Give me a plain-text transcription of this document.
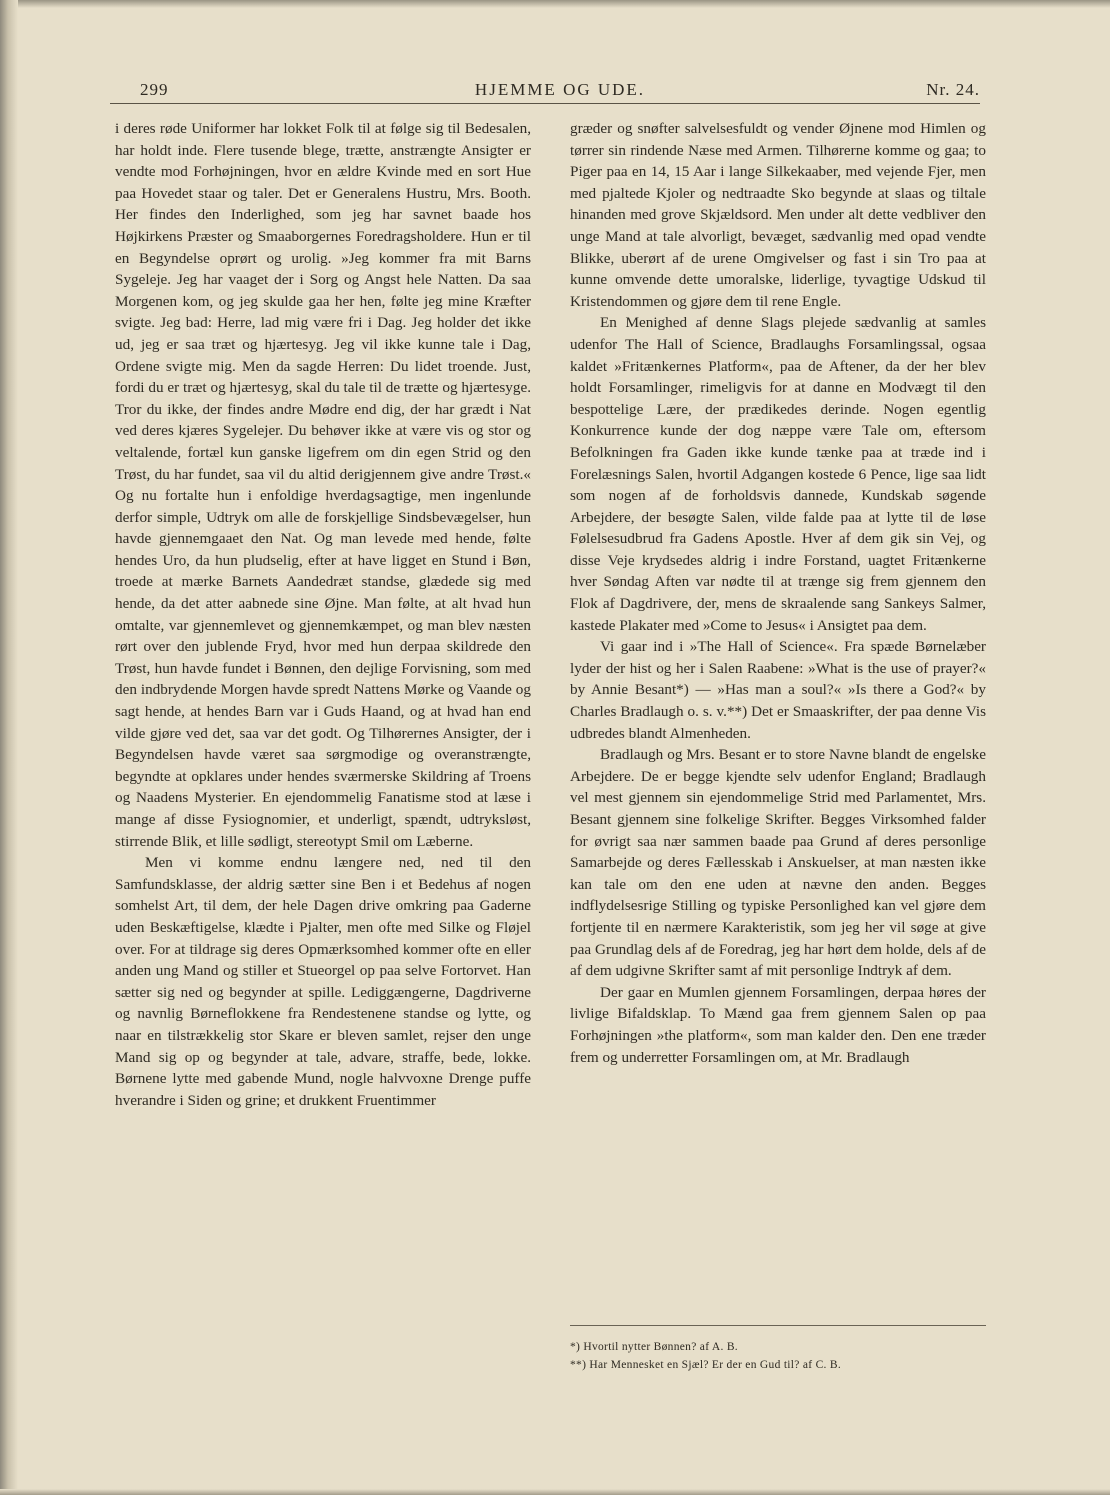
299	HJEMME OG UDE.	Nr. 24.

i deres røde Uniformer har lokket Folk til at følge sig til Bedesalen, har holdt inde. Flere tusende blege, trætte, anstrængte Ansigter er vendte mod Forhøjningen, hvor en ældre Kvinde med en sort Hue paa Hovedet staar og taler. Det er Generalens Hustru, Mrs. Booth. Her findes den Inderlighed, som jeg har savnet baade hos Højkirkens Præster og Smaaborgernes Foredragsholdere. Hun er til en Begyndelse oprørt og urolig. »Jeg kommer fra mit Barns Sygeleje. Jeg har vaaget der i Sorg og Angst hele Natten. Da saa Morgenen kom, og jeg skulde gaa her hen, følte jeg mine Kræfter svigte. Jeg bad: Herre, lad mig være fri i Dag. Jeg holder det ikke ud, jeg er saa træt og hjærtesyg. Jeg vil ikke kunne tale i Dag, Ordene svigte mig. Men da sagde Herren: Du lidet troende. Just, fordi du er træt og hjærtesyg, skal du tale til de trætte og hjærtesyge. Tror du ikke, der findes andre Mødre end dig, der har grædt i Nat ved deres kjæres Sygelejer. Du behøver ikke at være vis og stor og veltalende, fortæl kun ganske ligefrem om din egen Strid og den Trøst, du har fundet, saa vil du altid derigjennem give andre Trøst.« Og nu fortalte hun i enfoldige hverdagsagtige, men ingenlunde derfor simple, Udtryk om alle de forskjellige Sindsbevægelser, hun havde gjennemgaaet den Nat. Og man levede med hende, følte hendes Uro, da hun pludselig, efter at have ligget en Stund i Bøn, troede at mærke Barnets Aandedræt standse, glædede sig med hende, da det atter aabnede sine Øjne. Man følte, at alt hvad hun omtalte, var gjennemlevet og gjennemkæmpet, og man blev næsten rørt over den jublende Fryd, hvor med hun derpaa skildrede den Trøst, hun havde fundet i Bønnen, den dejlige Forvisning, som med den indbrydende Morgen havde spredt Nattens Mørke og Vaande og sagt hende, at hendes Barn var i Guds Haand, og at hvad han end vilde gjøre ved det, saa var det godt. Og Tilhørernes Ansigter, der i Begyndelsen havde været saa sørgmodige og overanstrængte, begyndte at opklares under hendes sværmerske Skildring af Troens og Naadens Mysterier. En ejendommelig Fanatisme stod at læse i mange af disse Fysiognomier, et underligt, spændt, udtryksløst, stirrende Blik, et lille sødligt, stereotypt Smil om Læberne.

Men vi komme endnu længere ned, ned til den Samfundsklasse, der aldrig sætter sine Ben i et Bedehus af nogen somhelst Art, til dem, der hele Dagen drive omkring paa Gaderne uden Beskæftigelse, klædte i Pjalter, men ofte med Silke og Fløjel over. For at tildrage sig deres Opmærksomhed kommer ofte en eller anden ung Mand og stiller et Stueorgel op paa selve Fortorvet. Han sætter sig ned og begynder at spille. Lediggængerne, Dagdriverne og navnlig Børneflokkene fra Rendestenene standse og lytte, og naar en tilstrækkelig stor Skare er bleven samlet, rejser den unge Mand sig op og begynder at tale, advare, straffe, bede, lokke. Børnene lytte med gabende Mund, nogle halvvoxne Drenge puffe hverandre i Siden og grine; et drukkent Fruentimmer

græder og snøfter salvelsesfuldt og vender Øjnene mod Himlen og tørrer sin rindende Næse med Armen. Tilhørerne komme og gaa; to Piger paa en 14, 15 Aar i lange Silkekaaber, med vejende Fjer, men med pjaltede Kjoler og nedtraadte Sko begynde at slaas og tiltale hinanden med grove Skjældsord. Men under alt dette vedbliver den unge Mand at tale alvorligt, bevæget, sædvanlig med opad vendte Blikke, uberørt af de urene Omgivelser og fast i sin Tro paa at kunne omvende dette umoralske, liderlige, tyvagtige Udskud til Kristendommen og gjøre dem til rene Engle.

En Menighed af denne Slags plejede sædvanlig at samles udenfor The Hall of Science, Bradlaughs Forsamlingssal, ogsaa kaldet »Fritænkernes Platform«, paa de Aftener, da der her blev holdt Forsamlinger, rimeligvis for at danne en Modvægt til den bespottelige Lære, der prædikedes derinde. Nogen egentlig Konkurrence kunde der dog næppe være Tale om, eftersom Befolkningen fra Gaden ikke kunde tænke paa at træde ind i Forelæsnings Salen, hvortil Adgangen kostede 6 Pence, lige saa lidt som nogen af de forholdsvis dannede, Kundskab søgende Arbejdere, der besøgte Salen, vilde falde paa at lytte til de løse Følelsesudbrud fra Gadens Apostle. Hver af dem gik sin Vej, og disse Veje krydsedes aldrig i indre Forstand, uagtet Fritænkerne hver Søndag Aften var nødte til at trænge sig frem gjennem den Flok af Dagdrivere, der, mens de skraalende sang Sankeys Salmer, kastede Plakater med »Come to Jesus« i Ansigtet paa dem.

Vi gaar ind i »The Hall of Science«. Fra spæde Børnelæber lyder der hist og her i Salen Raabene: »What is the use of prayer?« by Annie Besant*) — »Has man a soul?« »Is there a God?« by Charles Bradlaugh o. s. v.**) Det er Smaaskrifter, der paa denne Vis udbredes blandt Almenheden.

Bradlaugh og Mrs. Besant er to store Navne blandt de engelske Arbejdere. De er begge kjendte selv udenfor England; Bradlaugh vel mest gjennem sin ejendommelige Strid med Parlamentet, Mrs. Besant gjennem sine folkelige Skrifter. Begges Virksomhed falder for øvrigt saa nær sammen baade paa Grund af deres personlige Samarbejde og deres Fællesskab i Anskuelser, at man næsten ikke kan tale om den ene uden at nævne den anden. Begges indflydelsesrige Stilling og typiske Personlighed kan vel gjøre dem fortjente til en nærmere Karakteristik, som jeg her vil søge at give paa Grundlag dels af de Foredrag, jeg har hørt dem holde, dels af de af dem udgivne Skrifter samt af mit personlige Indtryk af dem.

Der gaar en Mumlen gjennem Forsamlingen, derpaa høres der livlige Bifaldsklap. To Mænd gaa frem gjennem Salen op paa Forhøjningen »the platform«, som man kalder den. Den ene træder frem og underretter Forsamlingen om, at Mr. Bradlaugh

*) Hvortil nytter Bønnen? af A. B.
**) Har Mennesket en Sjæl? Er der en Gud til? af C. B.
